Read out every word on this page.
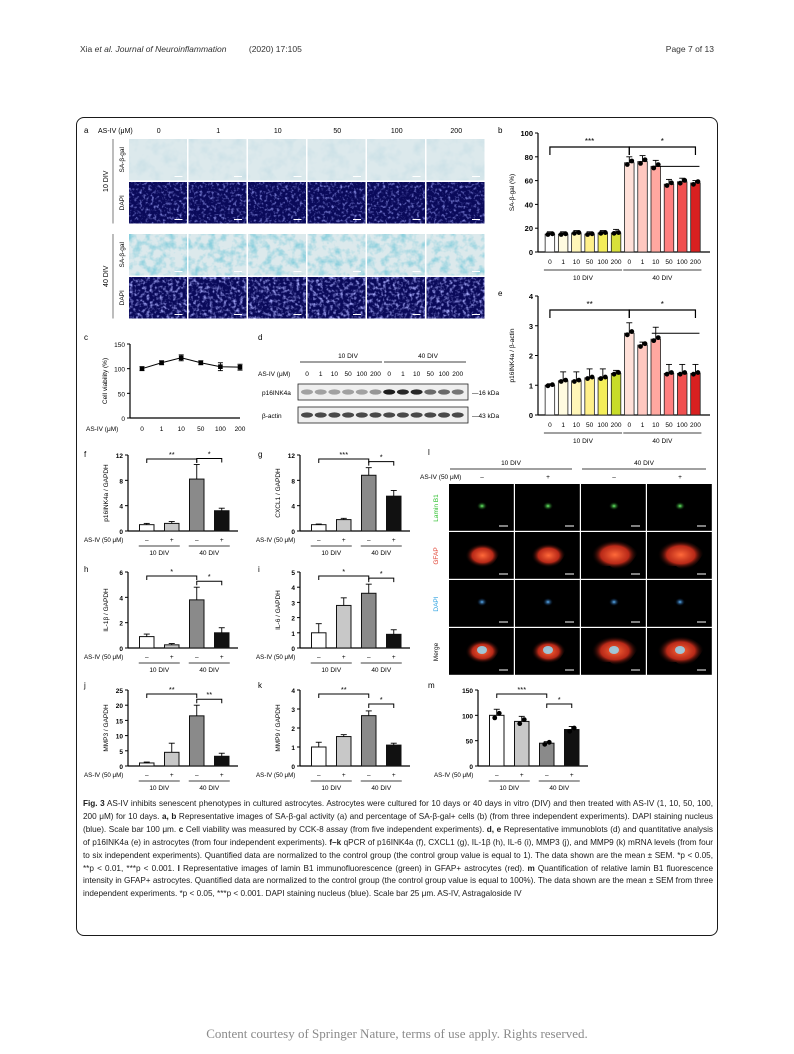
Xia et al. Journal of Neuroinflammation	(2020) 17:105	Page 7 of 13
a AS-IV (μM)	0	1	10	50	100	200
10 DIV
SA-β-gal
DAPI
40 DIV
SA-β-gal
DAPI
c
0
50
100
150
Cell viability (%)
0 1 10 50 100 200
AS-IV (μM)
d
10 DIV	40 DIV
AS-IV (μM) 0 1 10 50 100 200 0 1 10 50 100 200
p16INK4a	—16 kDa
β-actin	—43 kDa
b
0
20
40
60
80
100
SA-β-gal (%)
0 1 10 50 100 200 0 1 10 50 100 200
10 DIV	40 DIV
***	*
e
0
1
2
3
4
p16INK4a / β-actin
0 1 10 50 100 200 0 1 10 50 100 200
10 DIV	40 DIV
**	*
f
0
4
8
12
p16INK4a / GAPDH
–	+	–	+
AS-IV (50 μM)
10 DIV	40 DIV
**	*	g
0
4
8
12
CXCL1 / GAPDH
–	+	–	+
AS-IV (50 μM)
10 DIV	40 DIV
***	*
h
0
2
4
6
IL-1β / GAPDH
–	+	–	+
AS-IV (50 μM)
10 DIV	40 DIV
*
*
i
0
1
2
3
4
5
IL-6 / GAPDH
–	+	–	+
AS-IV (50 μM)
10 DIV	40 DIV
*	*
j
0
5
10
15
20
25
MMP3 / GAPDH
–	+	–	+
AS-IV (50 μM)
10 DIV	40 DIV
**
**
k
0
1
2
3
4
MMP9 / GAPDH
–	+	–	+
AS-IV (50 μM)
10 DIV	40 DIV
**
*
m
0
50
100
150
–	+	–	+
AS-IV (50 μM)
10 DIV	40 DIV
***
*
l
10 DIV	40 DIV
AS-IV (50 μM)	–	+	–	+
Lamin B1
GFAP
DAPI
Merge
Fig. 3 AS-IV inhibits senescent phenotypes in cultured astrocytes. Astrocytes were cultured for 10 days or 40 days in vitro (DIV) and then treated with AS-IV (1, 10, 50, 100, 200 μM) for 10 days. a, b Representative images of SA-β-gal activity (a) and percentage of SA-β-gal+ cells (b) (from three independent experiments). DAPI staining nucleus (blue). Scale bar 100 μm. c Cell viability was measured by CCK-8 assay (from five independent experiments). d, e Representative immunoblots (d) and quantitative analysis of p16INK4a (e) in astrocytes (from four independent experiments). f–k qPCR of p16INK4a (f), CXCL1 (g), IL-1β (h), IL-6 (i), MMP3 (j), and MMP9 (k) mRNA levels (from four to six independent experiments). Quantified data are normalized to the control group (the control group value is equal to 1). The data shown are the mean ± SEM. *p < 0.05, **p < 0.01, ***p < 0.001. l Representative images of lamin B1 immunofluorescence (green) in GFAP+ astrocytes (red). m Quantification of relative lamin B1 fluorescence intensity in GFAP+ astrocytes. Quantified data are normalized to the control group (the control group value is equal to 100%). The data shown are the mean ± SEM from three independent experiments. *p < 0.05, ***p < 0.001. DAPI staining nucleus (blue). Scale bar 25 μm. AS-IV, Astragaloside IV
Content courtesy of Springer Nature, terms of use apply. Rights reserved.
